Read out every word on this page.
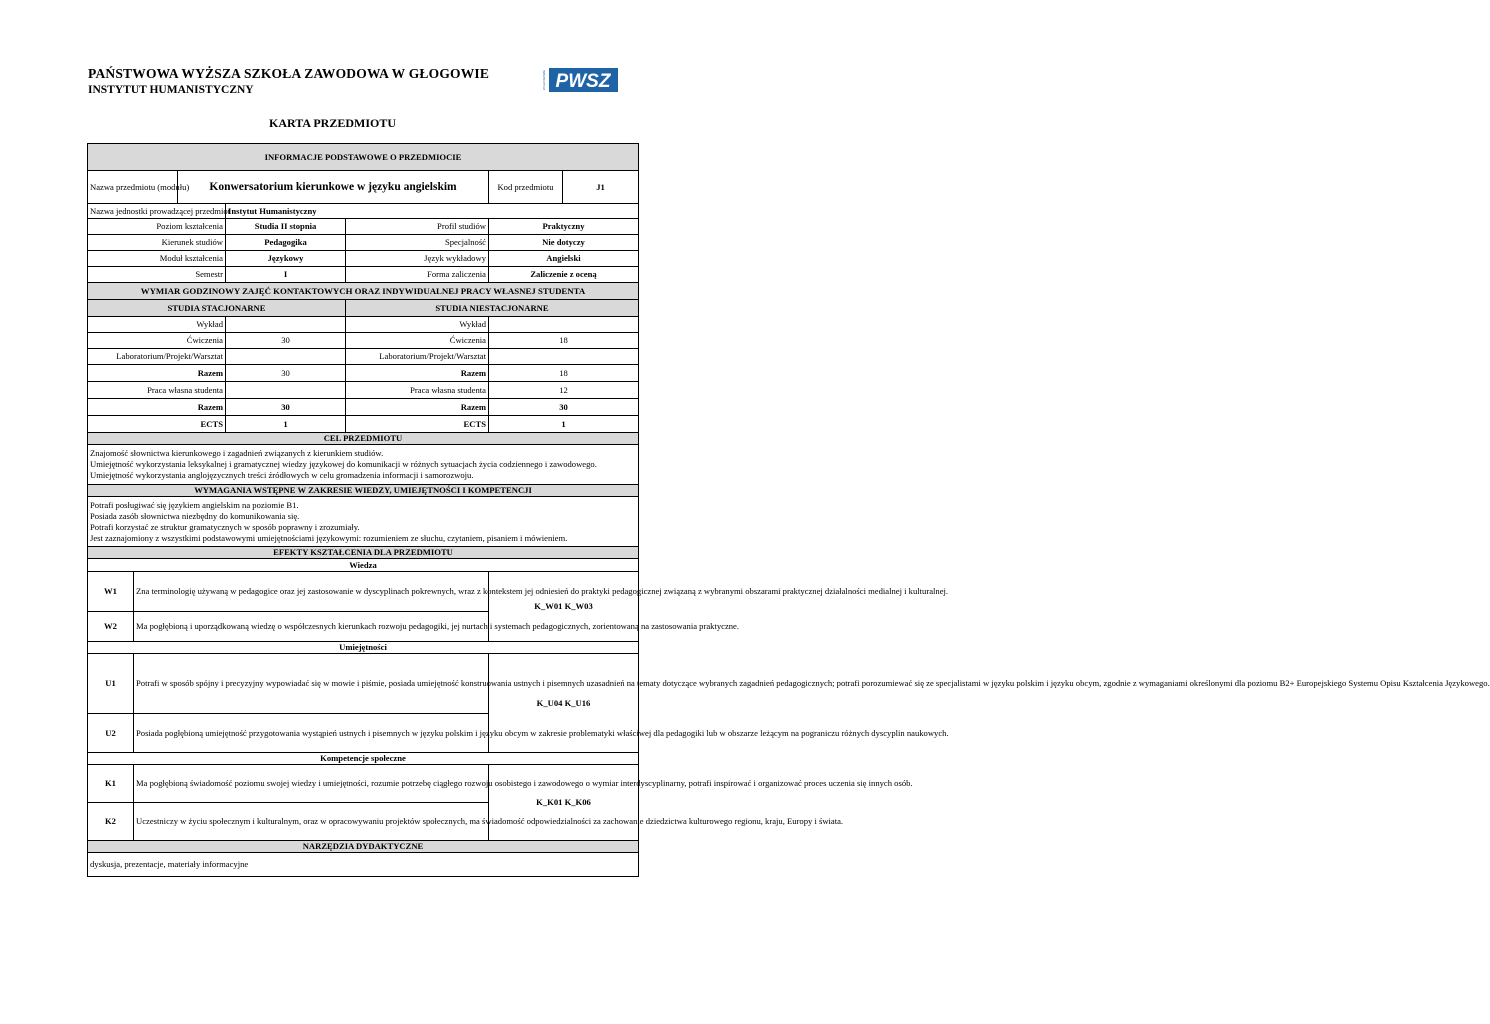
PAŃSTWOWA WYŻSZA SZKOŁA ZAWODOWA W GŁOGOWIE
INSTYTUT HUMANISTYCZNY	PWSZ
W GŁOGOWIE
KARTA PRZEDMIOTU
INFORMACJE PODSTAWOWE O PRZEDMIOCIE						
Nazwa przedmiotu (modułu)		Konwersatorium kierunkowe w języku angielskim			Kod przedmiotu	J1
Nazwa jednostki prowadzącej przedmiot			Instytut Humanistyczny			
Poziom kształcenia			Studia II stopnia	Profil studiów	Praktyczny	
Kierunek studiów			Pedagogika	Specjalność	Nie dotyczy	
Moduł kształcenia			Językowy	Język wykładowy	Angielski	
Semestr			I	Forma zaliczenia	Zaliczenie z oceną	
WYMIAR GODZINOWY ZAJĘĆ KONTAKTOWYCH ORAZ INDYWIDUALNEJ PRACY WŁASNEJ STUDENTA						
STUDIA STACJONARNE				STUDIA NIESTACJONARNE		
Wykład				Wykład		
Ćwiczenia			30	Ćwiczenia	18	
Laboratorium/Projekt/Warsztat				Laboratorium/Projekt/Warsztat		
Razem			30	Razem	18	
Praca własna studenta				Praca własna studenta	12	
Razem			30	Razem	30	
ECTS			1	ECTS	1	
CEL PRZEDMIOTU						

Znajomość słownictwa kierunkowego i zagadnień związanych z kierunkiem studiów.
Umiejętność wykorzystania leksykalnej i gramatycznej wiedzy językowej do komunikacji w różnych sytuacjach życia codziennego i zawodowego.
Umiejętność wykorzystania anglojęzycznych treści źródłowych w celu gromadzenia informacji i samorozwoju.						

WYMAGANIA WSTĘPNE W ZAKRESIE WIEDZY, UMIEJĘTNOŚCI I KOMPETENCJI						

Potrafi posługiwać się językiem angielskim na poziomie B1.
Posiada zasób słownictwa niezbędny do komunikowania się.
Potrafi korzystać ze struktur gramatycznych w sposób poprawny i zrozumiały.
Jest zaznajomiony z wszystkimi podstawowymi umiejętnościami językowymi: rozumieniem ze słuchu, czytaniem, pisaniem i mówieniem.						

EFEKTY KSZTAŁCENIA DLA PRZEDMIOTU						
Wiedza						
W1	Zna terminologię używaną w pedagogice oraz jej zastosowanie w dyscyplinach pokrewnych, wraz z kontekstem jej odniesień do praktyki pedagogicznej związaną z wybranymi obszarami praktycznej działalności medialnej i kulturalnej.				K_W01 K_W03	
W2	Ma pogłębioną i uporządkowaną wiedzę o współczesnych kierunkach rozwoju pedagogiki, jej nurtach i systemach pedagogicznych, zorientowaną na zastosowania praktyczne.					
Umiejętności						
U1	Potrafi w sposób spójny i precyzyjny wypowiadać się w mowie i piśmie, posiada umiejętność konstruowania ustnych i pisemnych uzasadnień na tematy dotyczące wybranych zagadnień pedagogicznych; potrafi porozumiewać się ze specjalistami w języku polskim i języku obcym, zgodnie z wymaganiami określonymi dla poziomu B2+ Europejskiego Systemu Opisu Kształcenia Językowego.				K_U04 K_U16	
U2	Posiada pogłębioną umiejętność przygotowania wystąpień ustnych i pisemnych w języku polskim i języku obcym w zakresie problematyki właściwej dla pedagogiki lub w obszarze leżącym na pograniczu różnych dyscyplin naukowych.					
Kompetencje społeczne						
K1	Ma pogłębioną świadomość poziomu swojej wiedzy i umiejętności, rozumie potrzebę ciągłego rozwoju osobistego i zawodowego o wymiar interdyscyplinarny, potrafi inspirować i organizować proces uczenia się innych osób.				K_K01 K_K06	
K2	Uczestniczy w życiu społecznym i kulturalnym, oraz w opracowywaniu projektów społecznych, ma świadomość odpowiedzialności za zachowanie dziedzictwa kulturowego regionu, kraju, Europy i świata.					
NARZĘDZIA DYDAKTYCZNE						
dyskusja, prezentacje, materiały informacyjne						
